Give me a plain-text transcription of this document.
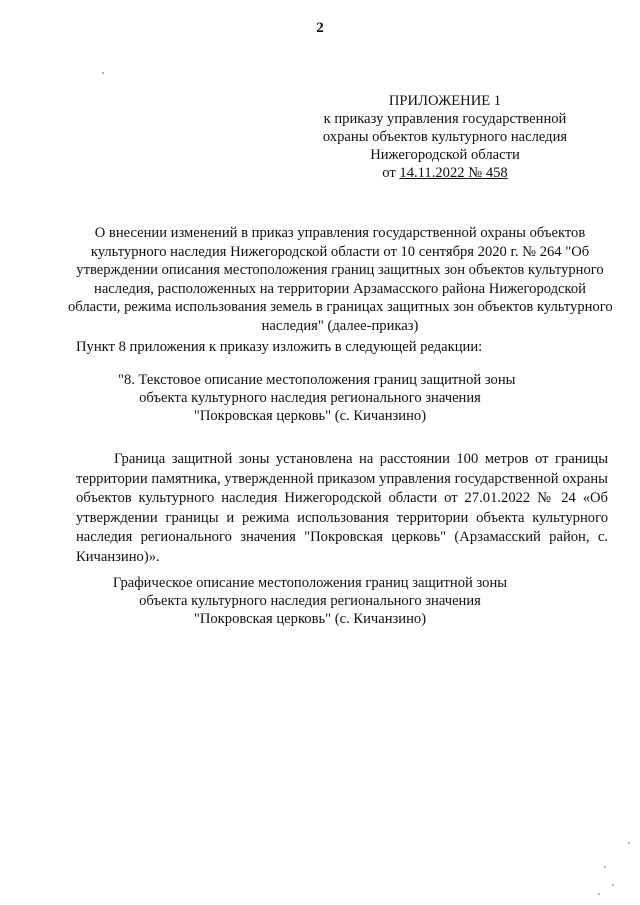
2
ПРИЛОЖЕНИЕ 1
к приказу управления государственной
охраны объектов культурного наследия
Нижегородской области
от 14.11.2022 № 458
О внесении изменений в приказ управления государственной охраны объектов
культурного наследия Нижегородской области от 10 сентября 2020 г. № 264 "Об
утверждении описания местоположения границ защитных зон объектов культурного
наследия, расположенных на территории Арзамасского района Нижегородской
области, режима использования земель в границах защитных зон объектов культурного
наследия" (далее-приказ)
Пункт 8 приложения к приказу изложить в следующей редакции:
"8. Текстовое описание местоположения границ защитной зоны
объекта культурного наследия регионального значения
"Покровская церковь" (с. Кичанзино)
Граница защитной зоны установлена на расстоянии 100 метров от границы
территории памятника, утвержденной приказом управления государственной охраны
объектов культурного наследия Нижегородской области от 27.01.2022 № 24 «Об
утверждении границы и режима использования территории объекта культурного
наследия регионального значения "Покровская церковь" (Арзамасский район, с.
Кичанзино)».
Графическое описание местоположения границ защитной зоны
объекта культурного наследия регионального значения
"Покровская церковь" (с. Кичанзино)
